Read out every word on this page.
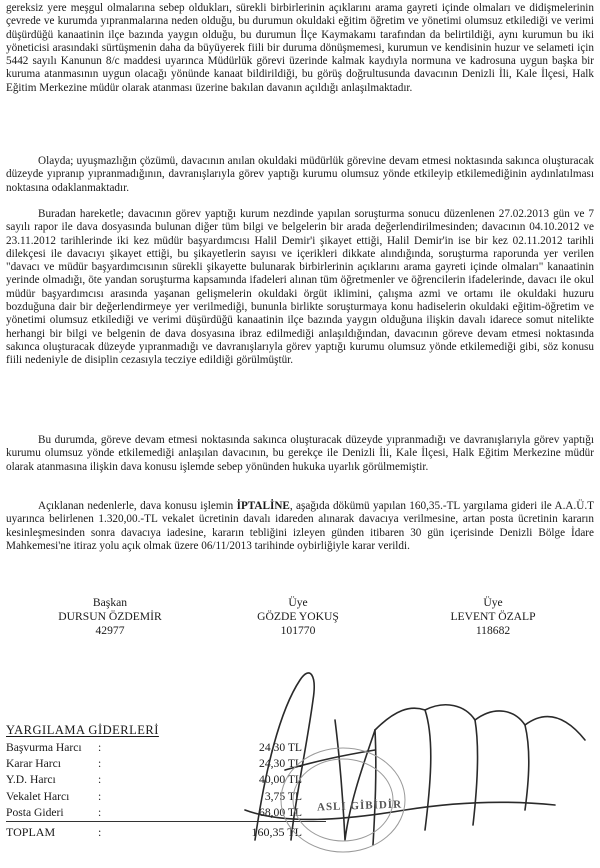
gereksiz yere meşgul olmalarına sebep oldukları, sürekli birbirlerinin açıklarını arama gayreti içinde olmaları ve didişmelerinin çevrede ve kurumda yıpranmalarına neden olduğu, bu durumun okuldaki eğitim öğretim ve yönetimi olumsuz etkilediği ve verimi düşürdüğü kanaatinin ilçe bazında yaygın olduğu, bu durumun İlçe Kaymakamı tarafından da belirtildiği, aynı kurumun bu iki yöneticisi arasındaki sürtüşmenin daha da büyüyerek fiili bir duruma dönüşmemesi, kurumun ve kendisinin huzur ve selameti için 5442 sayılı Kanunun 8/c maddesi uyarınca Müdürlük görevi üzerinde kalmak kaydıyla normuna ve kadrosuna uygun başka bir kuruma atanmasının uygun olacağı yönünde kanaat bildirildiği, bu görüş doğrultusunda davacının Denizli İli, Kale İlçesi, Halk Eğitim Merkezine müdür olarak atanması üzerine bakılan davanın açıldığı anlaşılmaktadır.

Olayda; uyuşmazlığın çözümü, davacının anılan okuldaki müdürlük görevine devam etmesi noktasında sakınca oluşturacak düzeyde yıpranıp yıpranmadığının, davranışlarıyla görev yaptığı kurumu olumsuz yönde etkileyip etkilemediğinin aydınlatılması noktasına odaklanmaktadır.

Buradan hareketle; davacının görev yaptığı kurum nezdinde yapılan soruşturma sonucu düzenlenen 27.02.2013 gün ve 7 sayılı rapor ile dava dosyasında bulunan diğer tüm bilgi ve belgelerin bir arada değerlendirilmesinden; davacının 04.10.2012 ve 23.11.2012 tarihlerinde iki kez müdür başyardımcısı Halil Demir'i şikayet ettiği, Halil Demir'in ise bir kez 02.11.2012 tarihli dilekçesi ile davacıyı şikayet ettiği, bu şikayetlerin sayısı ve içerikleri dikkate alındığında, soruşturma raporunda yer verilen "davacı ve müdür başyardımcısının sürekli şikayette bulunarak birbirlerinin açıklarını arama gayreti içinde olmaları" kanaatinin yerinde olmadığı, öte yandan soruşturma kapsamında ifadeleri alınan tüm öğretmenler ve öğrencilerin ifadelerinde, davacı ile okul müdür başyardımcısı arasında yaşanan gelişmelerin okuldaki örgüt iklimini, çalışma azmi ve ortamı ile okuldaki huzuru bozduğuna dair bir değerlendirmeye yer verilmediği, bununla birlikte soruşturmaya konu hadiselerin okuldaki eğitim-öğretim ve yönetimi olumsuz etkilediği ve verimi düşürdüğü kanaatinin ilçe bazında yaygın olduğuna ilişkin davalı idarece somut nitelikte herhangi bir bilgi ve belgenin de dava dosyasına ibraz edilmediği anlaşıldığından, davacının göreve devam etmesi noktasında sakınca oluşturacak düzeyde yıpranmadığı ve davranışlarıyla görev yaptığı kurumu olumsuz yönde etkilemediği gibi, söz konusu fiili nedeniyle de disiplin cezasıyla tecziye edildiği görülmüştür.

Bu durumda, göreve devam etmesi noktasında sakınca oluşturacak düzeyde yıpranmadığı ve davranışlarıyla görev yaptığı kurumu olumsuz yönde etkilemediği anlaşılan davacının, bu gerekçe ile Denizli İli, Kale İlçesi, Halk Eğitim Merkezine müdür olarak atanmasına ilişkin dava konusu işlemde sebep yönünden hukuka uyarlık görülmemiştir.

Açıklanan nedenlerle, dava konusu işlemin İPTALİNE, aşağıda dökümü yapılan 160,35.-TL yargılama gideri ile A.A.Ü.T uyarınca belirlenen 1.320,00.-TL vekalet ücretinin davalı idareden alınarak davacıya verilmesine, artan posta ücretinin kararın kesinleşmesinden sonra davacıya iadesine, kararın tebliğini izleyen günden itibaren 30 gün içerisinde Denizli Bölge İdare Mahkemesi'ne itiraz yolu açık olmak üzere 06/11/2013 tarihinde oybirliğiyle karar verildi.

Başkan
DURSUN ÖZDEMİR
42977
Üye
GÖZDE YOKUŞ
101770
Üye
LEVENT ÖZALP
118682
YARGILAMA GİDERLERİ
Başvurma Harcı :	24,30 TL
Karar Harcı	:	24,30 TL
Y.D. Harcı	:	40,00 TL
Vekalet Harcı :	3,75 TL
Posta Gideri	:	68,00 TL
TOPLAM	:	160,35 TL
ASLI GİBİDİR
